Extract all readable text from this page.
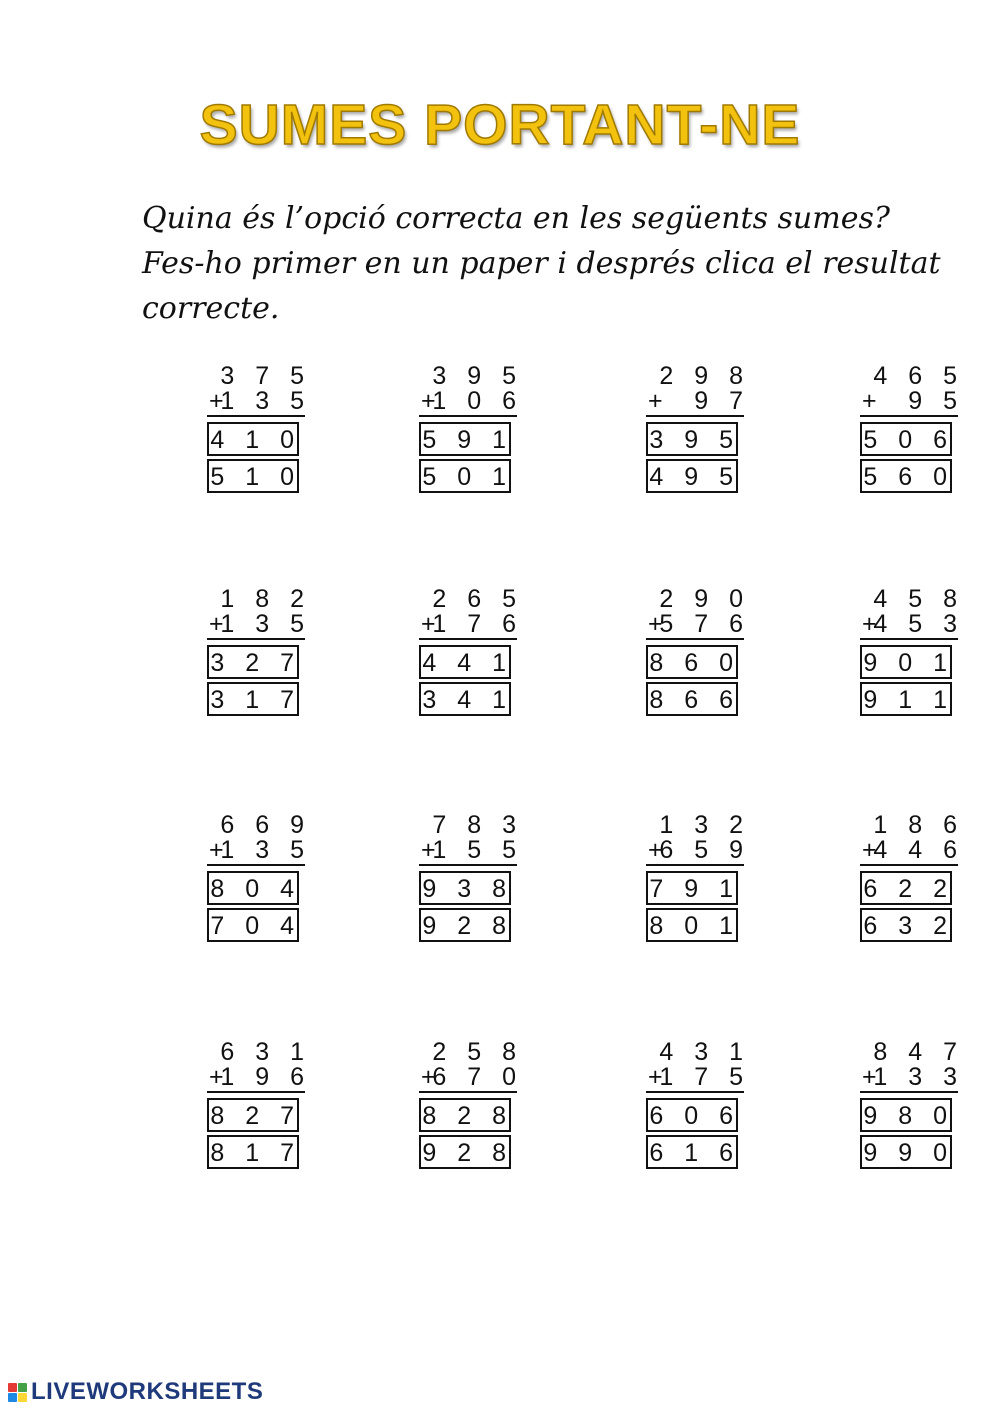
SUMES PORTANT-NE
Quina és l’opció correcta en les següents sumes?
Fes-ho primer en un paper i després clica el resultat
correcte.
3 7 5
+
1 3 5
4 1 0
5 1 0
3 9 5
+
1 0 6
5 9 1
5 0 1
2 9 8
+ 9 7
3 9 5
4 9 5
4 6 5
+ 9 5
5 0 6
5 6 0
1 8 2
+
1 3 5
3 2 7
3 1 7
2 6 5
+
1 7 6
4 4 1
3 4 1
2 9 0
+
5 7 6
8 6 0
8 6 6
4 5 8
+
4 5 3
9 0 1
9 1 1
6 6 9
+
1 3 5
8 0 4
7 0 4
7 8 3
+
1 5 5
9 3 8
9 2 8
1 3 2
+
6 5 9
7 9 1
8 0 1
1 8 6
+
4 4 6
6 2 2
6 3 2
6 3 1
+
1 9 6
8 2 7
8 1 7
2 5 8
+
6 7 0
8 2 8
9 2 8
4 3 1
+
1 7 5
6 0 6
6 1 6
8 4 7
+
1 3 3
9 8 0
9 9 0
LIVEWORKSHEETS
